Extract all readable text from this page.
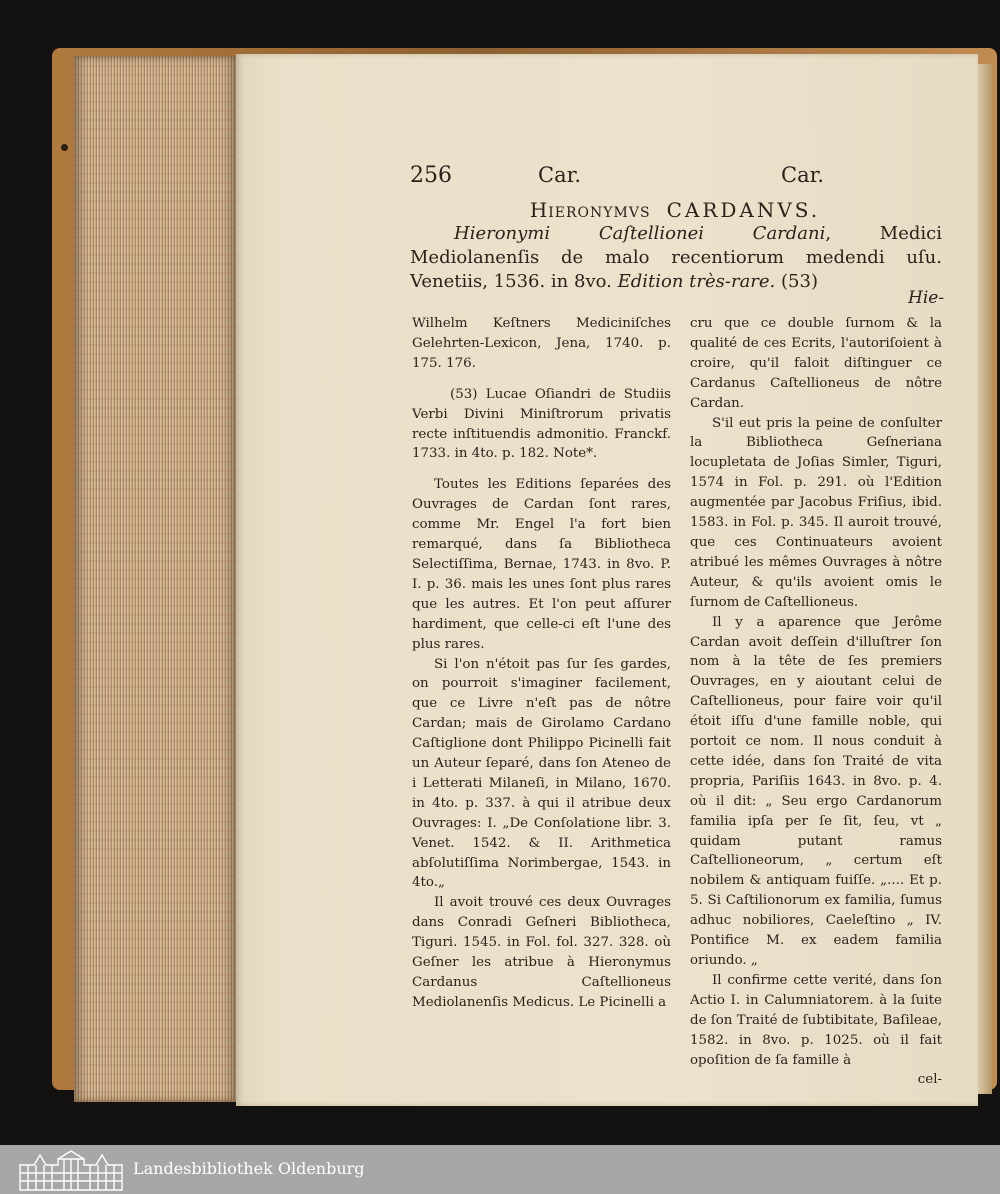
256	Car.	Car.
Hieronymvs CARDANVS.
Hieronymi Caſtellionei Cardani, Medici Mediolanenſis de malo recentiorum medendi uſu. Venetiis, 1536. in 8vo. Edition très-rare. (53)
Hie-

Wilhelm Keſtners Mediciniſches Gelehrten-Lexicon, Jena, 1740. p. 175. 176.

(53) Lucae Oſiandri de Studiis Verbi Divini Miniſtrorum privatis recte inſtituendis admonitio. Franckf. 1733. in 4to. p. 182. Note*.

Toutes les Editions ſeparées des Ouvrages de Cardan ſont rares, comme Mr. Engel l'a fort bien remarqué, dans ſa Bibliotheca Selectiſſima, Bernae, 1743. in 8vo. P. I. p. 36. mais les unes ſont plus rares que les autres. Et l'on peut aſſurer hardiment, que celle-ci eſt l'une des plus rares.

Si l'on n'étoit pas ſur ſes gardes, on pourroit s'imaginer facilement, que ce Livre n'eſt pas de nôtre Cardan; mais de Girolamo Cardano Caſtiglione dont Philippo Picinelli fait un Auteur ſeparé, dans ſon Ateneo de i Letterati Milaneſi, in Milano, 1670. in 4to. p. 337. à qui il atribue deux Ouvrages: I. „De Conſolatione libr. 3. Venet. 1542. & II. Arithmetica abſolutiſſima Norimbergae, 1543. in 4to.„

Il avoit trouvé ces deux Ouvrages dans Conradi Geſneri Bibliotheca, Tiguri. 1545. in Fol. fol. 327. 328. où Geſner les atribue à Hieronymus Cardanus Caſtellioneus Mediolanenſis Medicus. Le Picinelli a

cru que ce double ſurnom & la qualité de ces Ecrits, l'autoriſoient à croire, qu'il faloit diſtinguer ce Cardanus Caſtellioneus de nôtre Cardan.

S'il eut pris la peine de conſulter la Bibliotheca Geſneriana locupletata de Joſias Simler, Tiguri, 1574 in Fol. p. 291. où l'Edition augmentée par Jacobus Friſius, ibid. 1583. in Fol. p. 345. Il auroit trouvé, que ces Continuateurs avoient atribué les mêmes Ouvrages à nôtre Auteur, & qu'ils avoient omis le ſurnom de Caſtellioneus.

Il y a aparence que Jerôme Cardan avoit deſſein d'illuſtrer ſon nom à la tête de ſes premiers Ouvrages, en y aioutant celui de Caſtellioneus, pour faire voir qu'il étoit iſſu d'une famille noble, qui portoit ce nom. Il nous conduit à cette idée, dans ſon Traité de vita propria, Pariſiis 1643. in 8vo. p. 4. où il dit: „ Seu ergo Cardanorum familia ipſa per ſe ſit, ſeu, vt „ quidam putant ramus Caſtellioneorum, „ certum eſt nobilem & antiquam fuiſſe. „.... Et p. 5. Si Caſtilionorum ex familia, ſumus adhuc nobiliores, Caeleſtino „ IV. Pontifice M. ex eadem familia oriundo. „

Il confirme cette verité, dans ſon Actio I. in Calumniatorem. à la ſuite de ſon Traité de ſubtibitate, Baſileae, 1582. in 8vo. p. 1025. où il fait opoſition de ſa famille à

cel-

Landesbibliothek Oldenburg
